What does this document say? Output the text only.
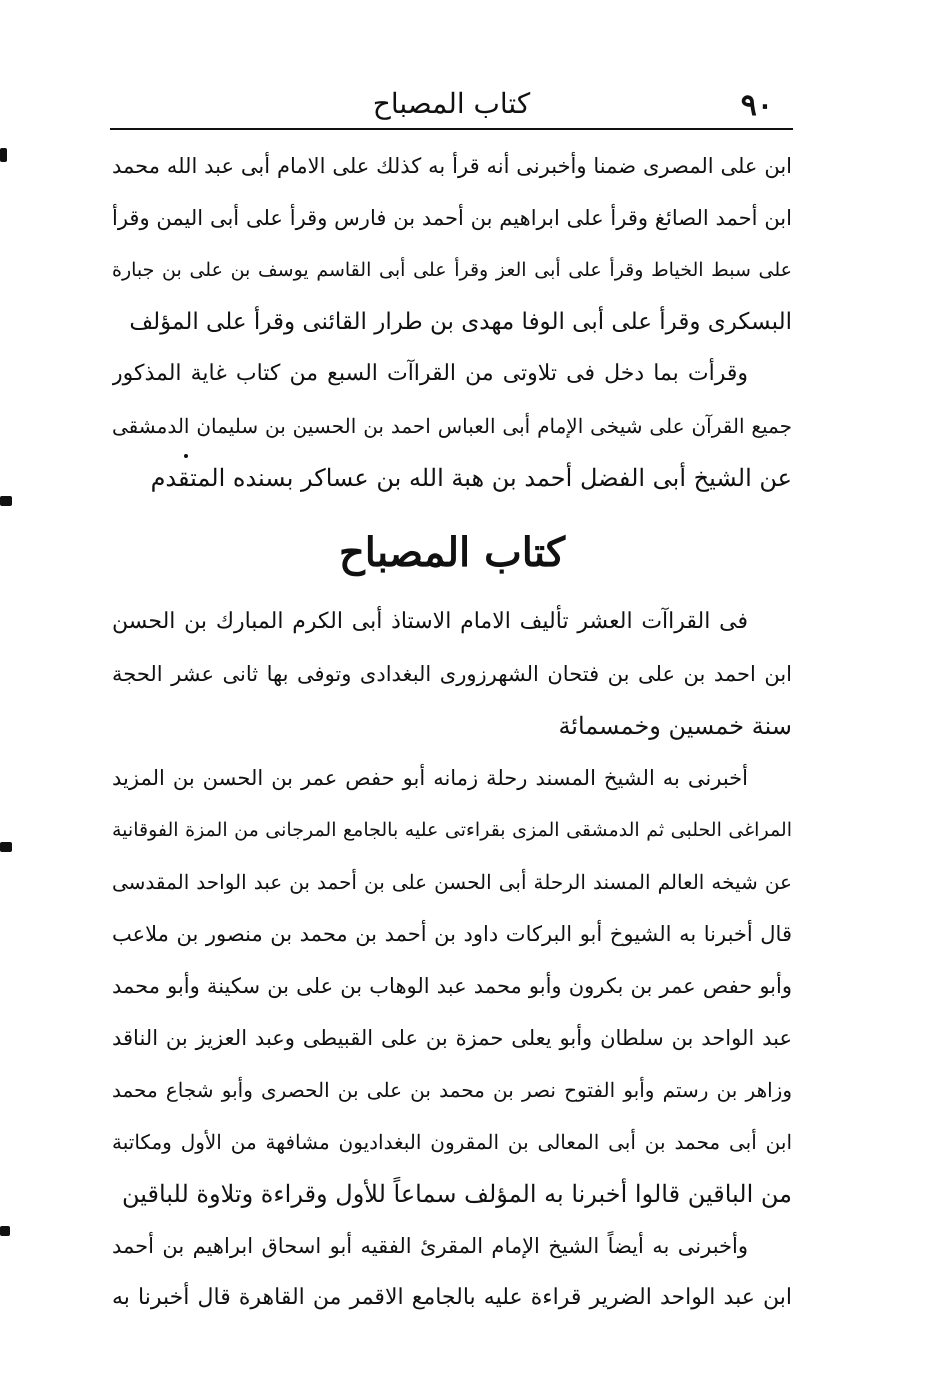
٩٠
كتاب المصباح
ابن على المصرى ضمنا وأخبرنى أنه قرأ به كذلك على الامام أبى عبد الله محمد
ابن أحمد الصائغ وقرأ على ابراهيم بن أحمد بن فارس وقرأ على أبى اليمن وقرأ
على سبط الخياط وقرأ على أبى العز وقرأ على أبى القاسم يوسف بن على بن جبارة
البسكرى وقرأ على أبى الوفا مهدى بن طرار القائنى وقرأ على المؤلف
وقرأت بما دخل فى تلاوتى من القراآت السبع من كتاب غاية المذكور
جميع القرآن على شيخى الإمام أبى العباس احمد بن الحسين بن سليمان الدمشقى
عن الشيخ أبى الفضل أحمد بن هبة الله بن عساكر بسنده المتقدم
كتاب المصباح
فى القراآت العشر تأليف الامام الاستاذ أبى الكرم المبارك بن الحسن
ابن احمد بن على بن فتحان الشهرزورى البغدادى وتوفى بها ثانى عشر الحجة
سنة خمسين وخمسمائة
أخبرنى به الشيخ المسند رحلة زمانه أبو حفص عمر بن الحسن بن المزيد
المراغى الحلبى ثم الدمشقى المزى بقراءتى عليه بالجامع المرجانى من المزة الفوقانية
عن شيخه العالم المسند الرحلة أبى الحسن على بن أحمد بن عبد الواحد المقدسى
قال أخبرنا به الشيوخ أبو البركات داود بن أحمد بن محمد بن منصور بن ملاعب
وأبو حفص عمر بن بكرون وأبو محمد عبد الوهاب بن على بن سكينة وأبو محمد
عبد الواحد بن سلطان وأبو يعلى حمزة بن على القبيطى وعبد العزيز بن الناقد
وزاهر بن رستم وأبو الفتوح نصر بن محمد بن على بن الحصرى وأبو شجاع محمد
ابن أبى محمد بن أبى المعالى بن المقرون البغداديون مشافهة من الأول ومكاتبة
من الباقين قالوا أخبرنا به المؤلف سماعاً للأول وقراءة وتلاوة للباقين
وأخبرنى به أيضاً الشيخ الإمام المقرئ الفقيه أبو اسحاق ابراهيم بن أحمد
ابن عبد الواحد الضرير قراءة عليه بالجامع الاقمر من القاهرة قال أخبرنا به
